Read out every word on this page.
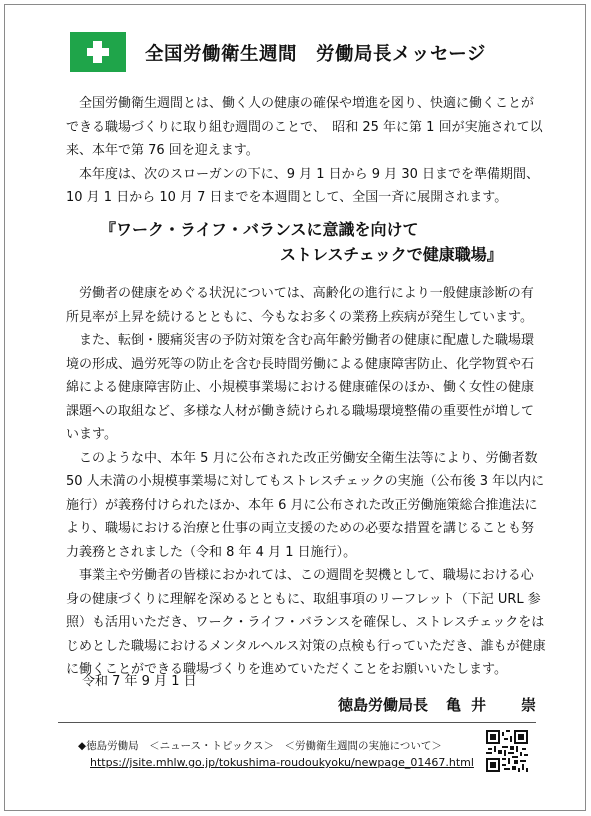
全国労働衛生週間　労働局長メッセージ

全国労働衛生週間とは、働く人の健康の確保や増進を図り、快適に働くことができる職場づくりに取り組む週間のことで、　昭和 25 年に第 1 回が実施されて以来、本年で第 76 回を迎えます。

本年度は、次のスローガンの下に、9 月 1 日から 9 月 30 日までを準備期間、10 月 1 日から 10 月 7 日までを本週間として、全国一斉に展開されます。

『ワーク・ライフ・バランスに意識を向けて
ストレスチェックで健康職場』

労働者の健康をめぐる状況については、高齢化の進行により一般健康診断の有所見率が上昇を続けるとともに、今もなお多くの業務上疾病が発生しています。

また、転倒・腰痛災害の予防対策を含む高年齢労働者の健康に配慮した職場環境の形成、過労死等の防止を含む長時間労働による健康障害防止、化学物質や石綿による健康障害防止、小規模事業場における健康確保のほか、働く女性の健康課題への取組など、多様な人材が働き続けられる職場環境整備の重要性が増しています。

このような中、本年 5 月に公布された改正労働安全衛生法等により、労働者数 50 人未満の小規模事業場に対してもストレスチェックの実施（公布後 3 年以内に施行）が義務付けられたほか、本年 6 月に公布された改正労働施策総合推進法により、職場における治療と仕事の両立支援のための必要な措置を講じることも努力義務とされました（令和 8 年 4 月 1 日施行）。

事業主や労働者の皆様におかれては、この週間を契機として、職場における心身の健康づくりに理解を深めるとともに、取組事項のリーフレット（下記 URL 参照）も活用いただき、ワーク・ライフ・バランスを確保し、ストレスチェックをはじめとした職場におけるメンタルヘルス対策の点検も行っていただき、誰もが健康に働くことができる職場づくりを進めていただくことをお願いいたします。

令和 7 年 9 月 1 日
徳島労働局長 亀井　崇
◆徳島労働局　＜ニュース・トピックス＞　＜労働衛生週間の実施について＞
https://jsite.mhlw.go.jp/tokushima-roudoukyoku/newpage_01467.html
